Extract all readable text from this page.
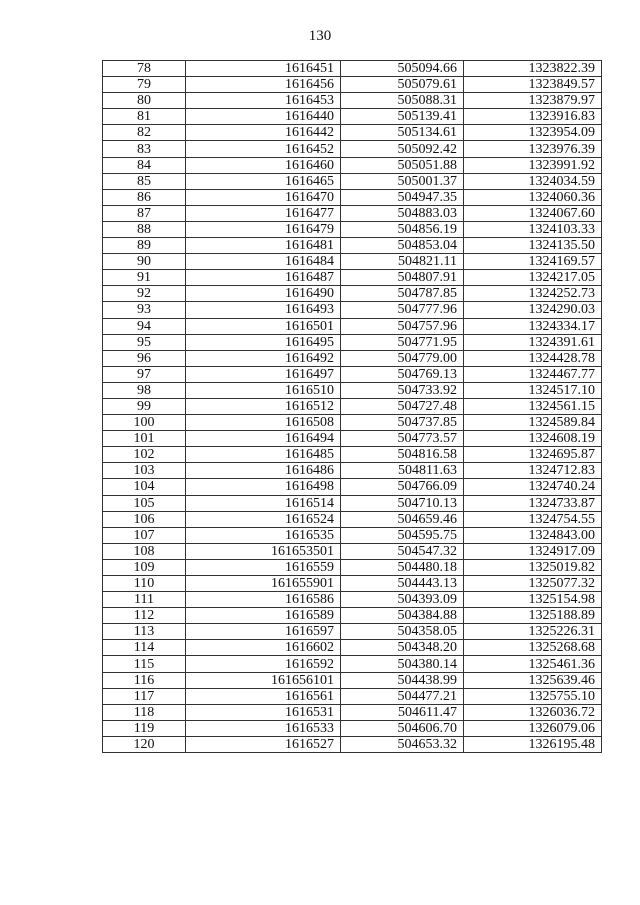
130
78	1616451	505094.66	1323822.39
79	1616456	505079.61	1323849.57
80	1616453	505088.31	1323879.97
81	1616440	505139.41	1323916.83
82	1616442	505134.61	1323954.09
83	1616452	505092.42	1323976.39
84	1616460	505051.88	1323991.92
85	1616465	505001.37	1324034.59
86	1616470	504947.35	1324060.36
87	1616477	504883.03	1324067.60
88	1616479	504856.19	1324103.33
89	1616481	504853.04	1324135.50
90	1616484	504821.11	1324169.57
91	1616487	504807.91	1324217.05
92	1616490	504787.85	1324252.73
93	1616493	504777.96	1324290.03
94	1616501	504757.96	1324334.17
95	1616495	504771.95	1324391.61
96	1616492	504779.00	1324428.78
97	1616497	504769.13	1324467.77
98	1616510	504733.92	1324517.10
99	1616512	504727.48	1324561.15
100	1616508	504737.85	1324589.84
101	1616494	504773.57	1324608.19
102	1616485	504816.58	1324695.87
103	1616486	504811.63	1324712.83
104	1616498	504766.09	1324740.24
105	1616514	504710.13	1324733.87
106	1616524	504659.46	1324754.55
107	1616535	504595.75	1324843.00
108	161653501	504547.32	1324917.09
109	1616559	504480.18	1325019.82
110	161655901	504443.13	1325077.32
111	1616586	504393.09	1325154.98
112	1616589	504384.88	1325188.89
113	1616597	504358.05	1325226.31
114	1616602	504348.20	1325268.68
115	1616592	504380.14	1325461.36
116	161656101	504438.99	1325639.46
117	1616561	504477.21	1325755.10
118	1616531	504611.47	1326036.72
119	1616533	504606.70	1326079.06
120	1616527	504653.32	1326195.48
